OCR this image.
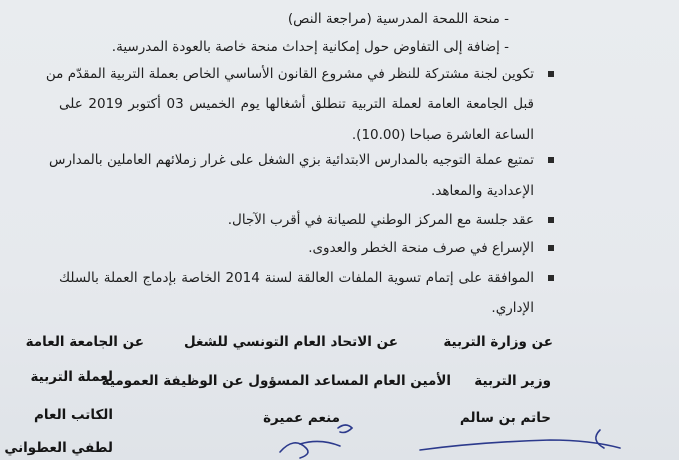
- منحة اللمحة المدرسية (مراجعة النص)
- إضافة إلى التفاوض حول إمكانية إحداث منحة خاصة بالعودة المدرسية.
تكوين لجنة مشتركة للنظر في مشروع القانون الأساسي الخاص بعملة التربية المقدّم من
قبل الجامعة العامة لعملة التربية تنطلق أشغالها يوم الخميس 03 أكتوبر 2019 على
الساعة العاشرة صباحا (10.00).
تمتيع عملة التوجيه بالمدارس الابتدائية بزي الشغل على غرار زملائهم العاملين بالمدارس
الإعدادية والمعاهد.
عقد جلسة مع المركز الوطني للصيانة في أقرب الآجال.
الإسراع في صرف منحة الخطر والعدوى.
الموافقة على إتمام تسوية الملفات العالقة لسنة 2014 الخاصة بإدماج العملة بالسلك
الإداري.
عن وزارة التربية
وزير التربية
حاتم بن سالم
عن الاتحاد العام التونسي للشغل
الأمين العام المساعد المسؤول عن الوظيفة العمومية
منعم عميرة
عن الجامعة العامة
لعملة التربية
الكاتب العام
لطفي العطواني
